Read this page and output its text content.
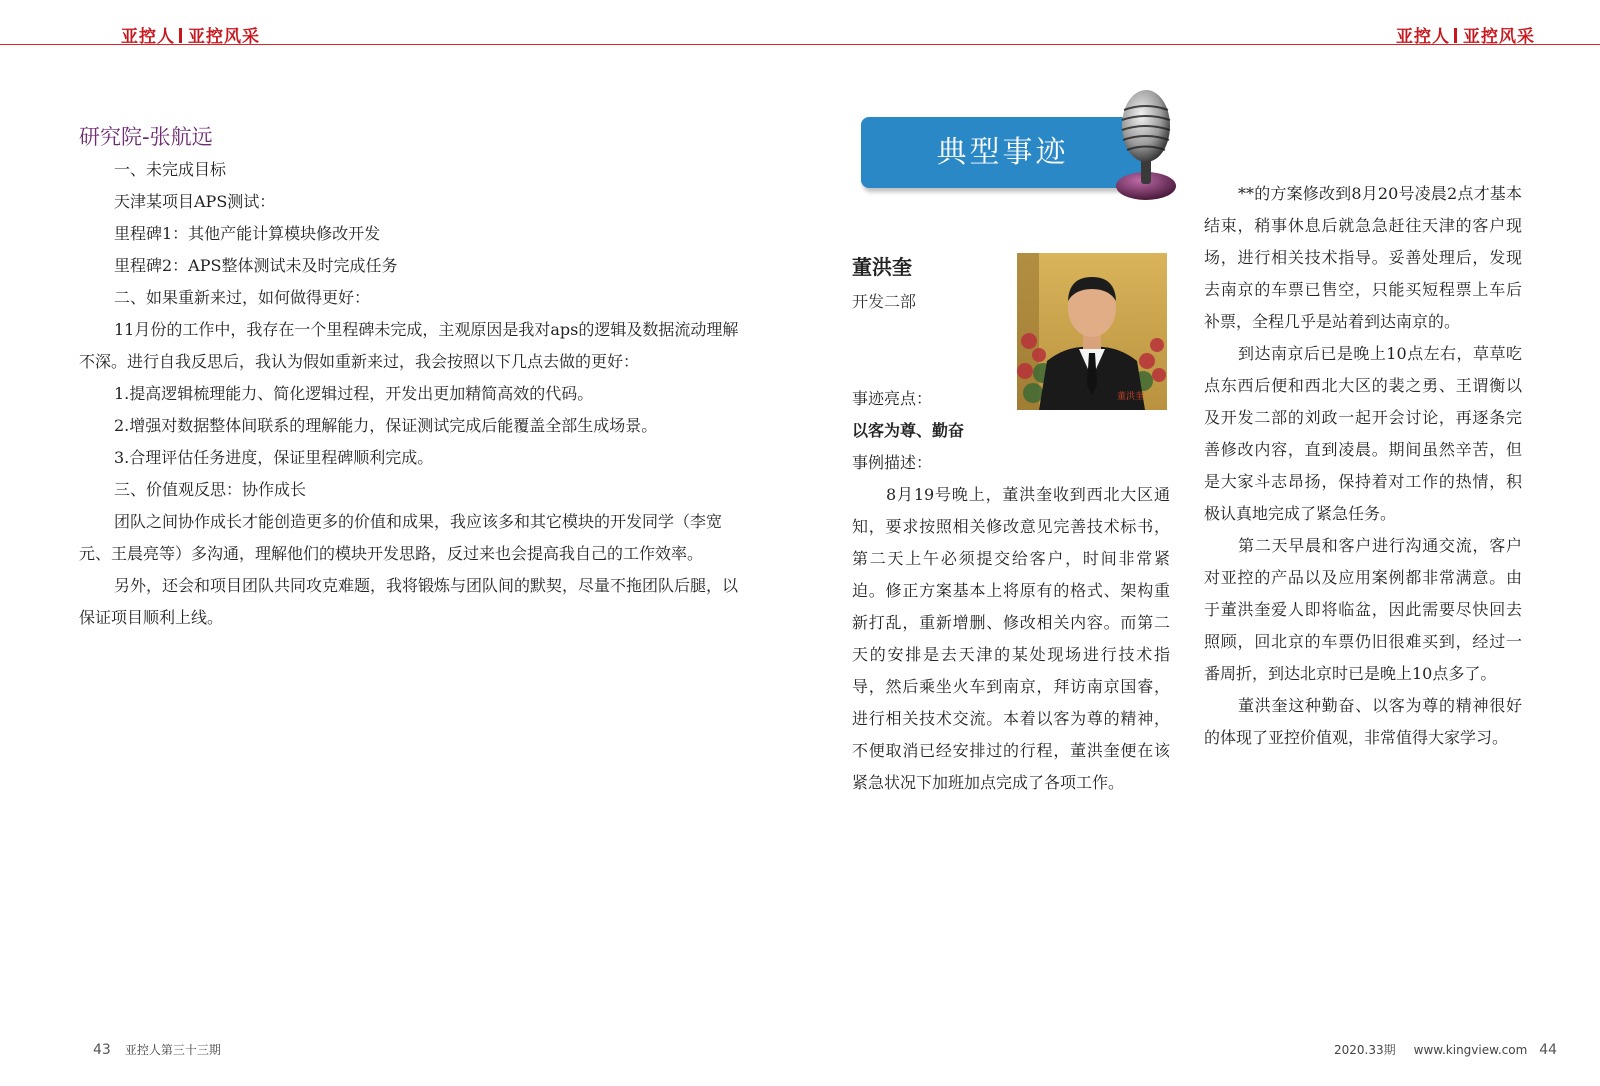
亚控人 亚控风采	亚控人 亚控风采
研究院-张航远

一、未完成目标

天津某项目APS测试：

里程碑1：其他产能计算模块修改开发

里程碑2：APS整体测试未及时完成任务

二、如果重新来过，如何做得更好：

11月份的工作中，我存在一个里程碑未完成，主观原因是我对aps的逻辑及数据流动理解不深。进行自我反思后，我认为假如重新来过，我会按照以下几点去做的更好：

1.提高逻辑梳理能力、简化逻辑过程，开发出更加精简高效的代码。

2.增强对数据整体间联系的理解能力，保证测试完成后能覆盖全部生成场景。

3.合理评估任务进度，保证里程碑顺利完成。

三、价值观反思：协作成长

团队之间协作成长才能创造更多的价值和成果，我应该多和其它模块的开发同学（李宽元、王晨亮等）多沟通，理解他们的模块开发思路，反过来也会提高我自己的工作效率。

另外，还会和项目团队共同攻克难题，我将锻炼与团队间的默契，尽量不拖团队后腿，以保证项目顺利上线。

典型事迹
董洪奎
开发二部
董洪奎

事迹亮点：

以客为尊、勤奋

事例描述：

8月19号晚上，董洪奎收到西北大区通知，要求按照相关修改意见完善技术标书，第二天上午必须提交给客户，时间非常紧迫。修正方案基本上将原有的格式、架构重新打乱，重新增删、修改相关内容。而第二天的安排是去天津的某处现场进行技术指导，然后乘坐火车到南京，拜访南京国睿，进行相关技术交流。本着以客为尊的精神，不便取消已经安排过的行程，董洪奎便在该紧急状况下加班加点完成了各项工作。

**的方案修改到8月20号凌晨2点才基本结束，稍事休息后就急急赶往天津的客户现场，进行相关技术指导。妥善处理后，发现去南京的车票已售空，只能买短程票上车后补票，全程几乎是站着到达南京的。

到达南京后已是晚上10点左右，草草吃点东西后便和西北大区的裴之勇、王谓衡以及开发二部的刘政一起开会讨论，再逐条完善修改内容，直到凌晨。期间虽然辛苦，但是大家斗志昂扬，保持着对工作的热情，积极认真地完成了紧急任务。

第二天早晨和客户进行沟通交流，客户对亚控的产品以及应用案例都非常满意。由于董洪奎爱人即将临盆，因此需要尽快回去照顾，回北京的车票仍旧很难买到，经过一番周折，到达北京时已是晚上10点多了。

董洪奎这种勤奋、以客为尊的精神很好的体现了亚控价值观，非常值得大家学习。

43 亚控人第三十三期	2020.33期 www.kingview.com 44
